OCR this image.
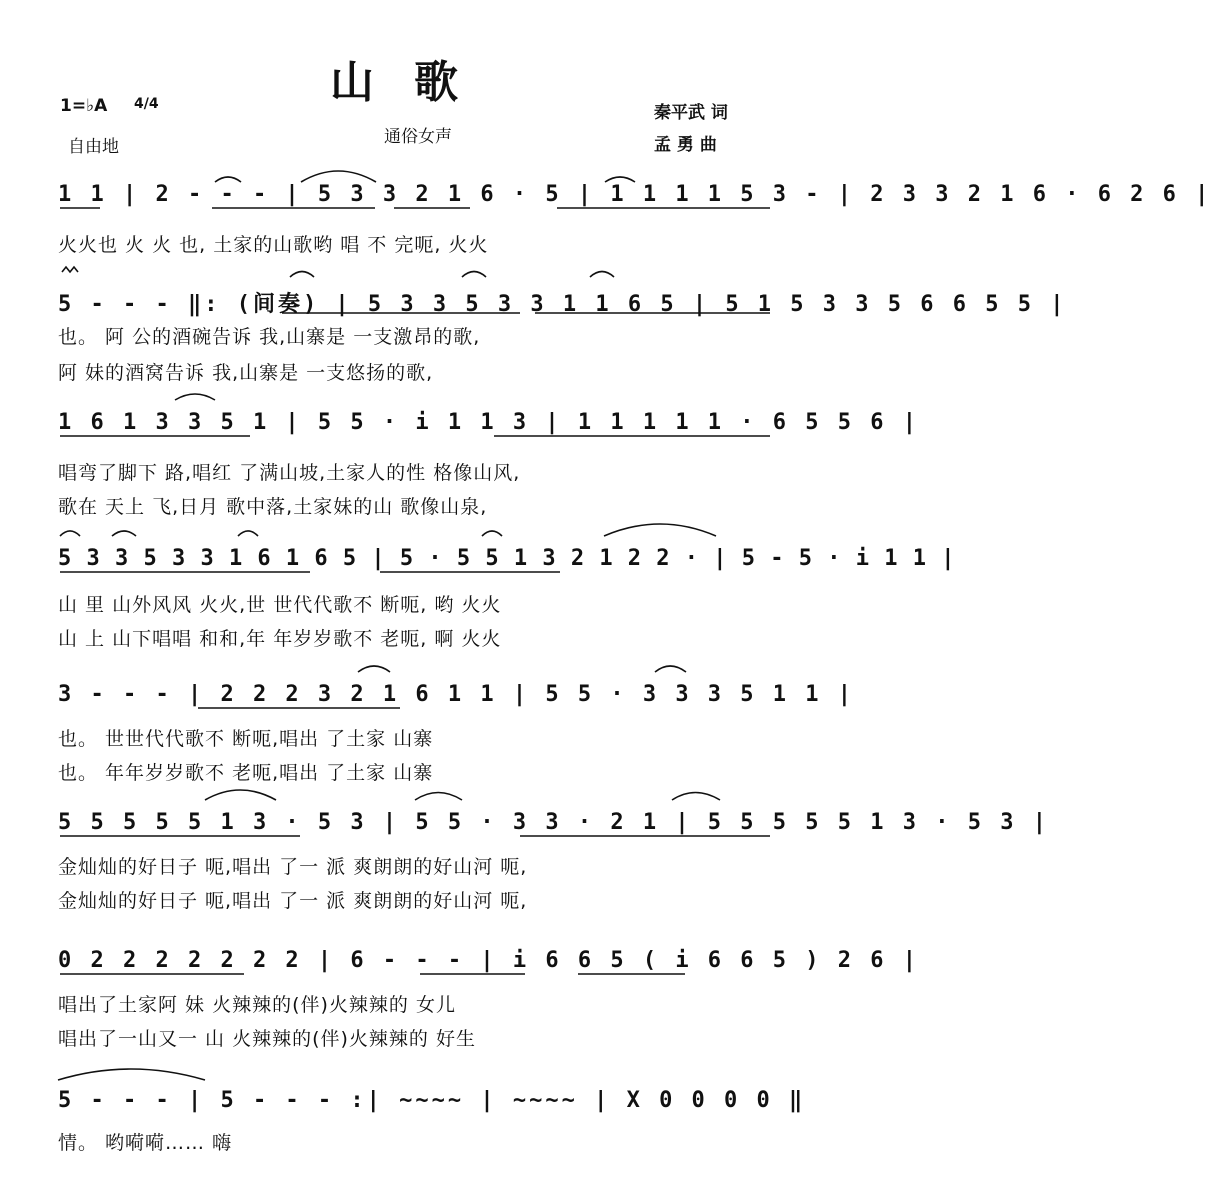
山歌
1=♭A 4/4
自由地	通俗女声
秦平武 词
孟 勇 曲
1 1 | 2 - - - | 5 3 3 2 1 6 · 5 | 1 1 1 1 5 3 - | 2 3 3 2 1 6 · 6 2 6 |
火火也 火 火 也, 土家的山歌哟 唱 不 完呃, 火火
5 - - - ‖: (间奏) | 5 3 3 5 3 3 1 1 6 5 | 5 1 5 3 3 5 6 6 5 5 |
也。 阿 公的酒碗告诉 我,山寨是 一支激昂的歌,
阿 妹的酒窝告诉 我,山寨是 一支悠扬的歌,
1 6 1 3 3 5 1 | 5 5 · i 1 1 3 | 1 1 1 1 1 · 6 5 5 6 |
唱弯了脚下 路,唱红 了满山坡,土家人的性 格像山风,
歌在 天上 飞,日月 歌中落,土家妹的山 歌像山泉,
5 3 3 5 3 3 1 6 1 6 5 | 5 · 5 5 1 3 2 1 2 2 · | 5 - 5 · i 1 1 |
山 里 山外风风 火火,世 世代代歌不 断呃, 哟 火火
山 上 山下唱唱 和和,年 年岁岁歌不 老呃, 啊 火火
3 - - - | 2 2 2 3 2 1 6 1 1 | 5 5 · 3 3 3 5 1 1 |
也。 世世代代歌不 断呃,唱出 了土家 山寨
也。 年年岁岁歌不 老呃,唱出 了土家 山寨
5 5 5 5 5 1 3 · 5 3 | 5 5 · 3 3 · 2 1 | 5 5 5 5 5 1 3 · 5 3 |
金灿灿的好日子 呃,唱出 了一 派 爽朗朗的好山河 呃,
金灿灿的好日子 呃,唱出 了一 派 爽朗朗的好山河 呃,
0 2 2 2 2 2 2 2 | 6 - - - | i 6 6 5 ( i 6 6 5 ) 2 6 |
唱出了土家阿 妹 火辣辣的(伴)火辣辣的 女儿
唱出了一山又一 山 火辣辣的(伴)火辣辣的 好生
5 - - - | 5 - - - :| ~~~~ | ~~~~ | X 0 0 0 0 ‖
情。 哟嗬嗬…… 嗨
